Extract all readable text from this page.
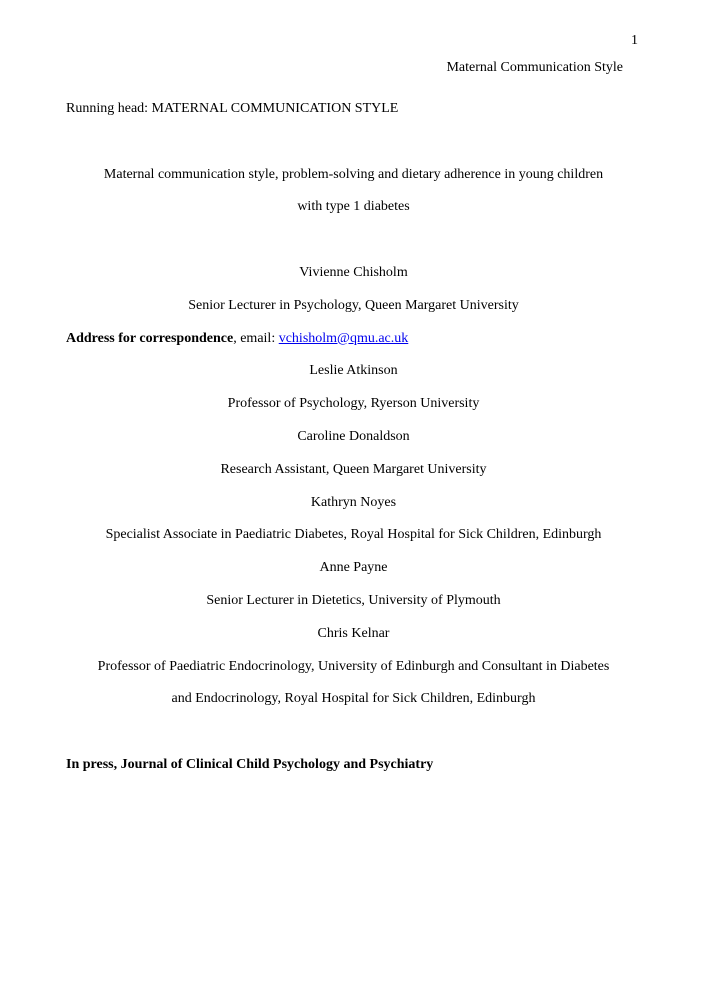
1
Maternal Communication Style
Running head: MATERNAL COMMUNICATION STYLE
Maternal communication style, problem-solving and dietary adherence in young children
with type 1 diabetes
Vivienne Chisholm
Senior Lecturer in Psychology, Queen Margaret University
Address for correspondence, email: vchisholm@qmu.ac.uk
Leslie Atkinson
Professor of Psychology, Ryerson University
Caroline Donaldson
Research Assistant, Queen Margaret University
Kathryn Noyes
Specialist Associate in Paediatric Diabetes, Royal Hospital for Sick Children, Edinburgh
Anne Payne
Senior Lecturer in Dietetics, University of Plymouth
Chris Kelnar
Professor of Paediatric Endocrinology, University of Edinburgh and Consultant in Diabetes
and Endocrinology, Royal Hospital for Sick Children, Edinburgh
In press, Journal of Clinical Child Psychology and Psychiatry
